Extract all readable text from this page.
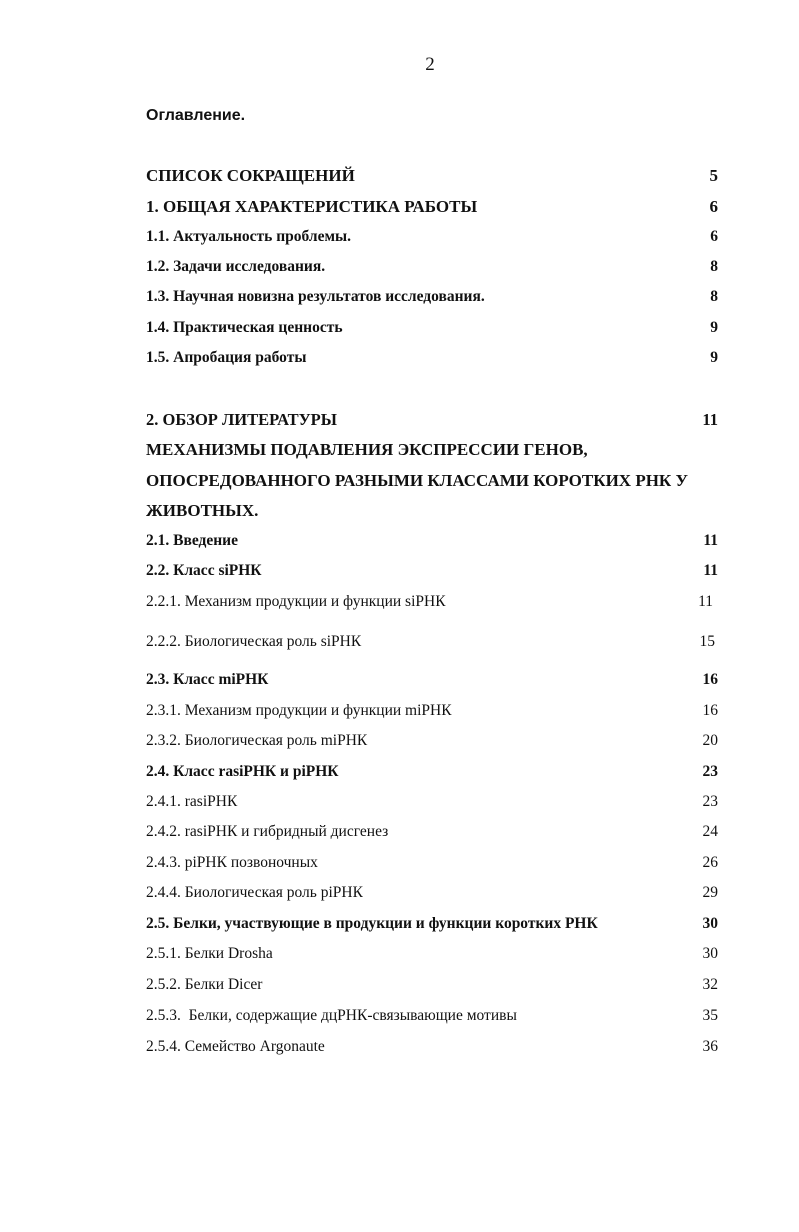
2
Оглавление.
СПИСОК СОКРАЩЕНИЙ	5
1. ОБЩАЯ ХАРАКТЕРИСТИКА РАБОТЫ	6
1.1. Актуальность проблемы.	6
1.2. Задачи исследования.	8
1.3. Научная новизна результатов исследования.	8
1.4. Практическая ценность	9
1.5. Апробация работы	9
2. ОБЗОР ЛИТЕРАТУРЫ	11
МЕХАНИЗМЫ ПОДАВЛЕНИЯ ЭКСПРЕССИИ ГЕНОВ,
ОПОСРЕДОВАННОГО РАЗНЫМИ КЛАССАМИ КОРОТКИХ РНК У
ЖИВОТНЫХ.
2.1. Введение	11
2.2. Класс siРНК	11
2.2.1. Механизм продукции и функции siРНК	11
2.2.2. Биологическая роль siРНК	15
2.3. Класс miРНК	16
2.3.1. Механизм продукции и функции miРНК	16
2.3.2. Биологическая роль miРНК	20
2.4. Класс rasiРНК и piРНК	23
2.4.1. rasiРНК	23
2.4.2. rasiРНК и гибридный дисгенез	24
2.4.3. piРНК позвоночных	26
2.4.4. Биологическая роль piРНК	29
2.5. Белки, участвующие в продукции и функции коротких РНК	30
2.5.1. Белки Drosha	30
2.5.2. Белки Dicer	32
2.5.3.  Белки, содержащие дцРНК-связывающие мотивы	35
2.5.4. Семейство Argonaute	36
